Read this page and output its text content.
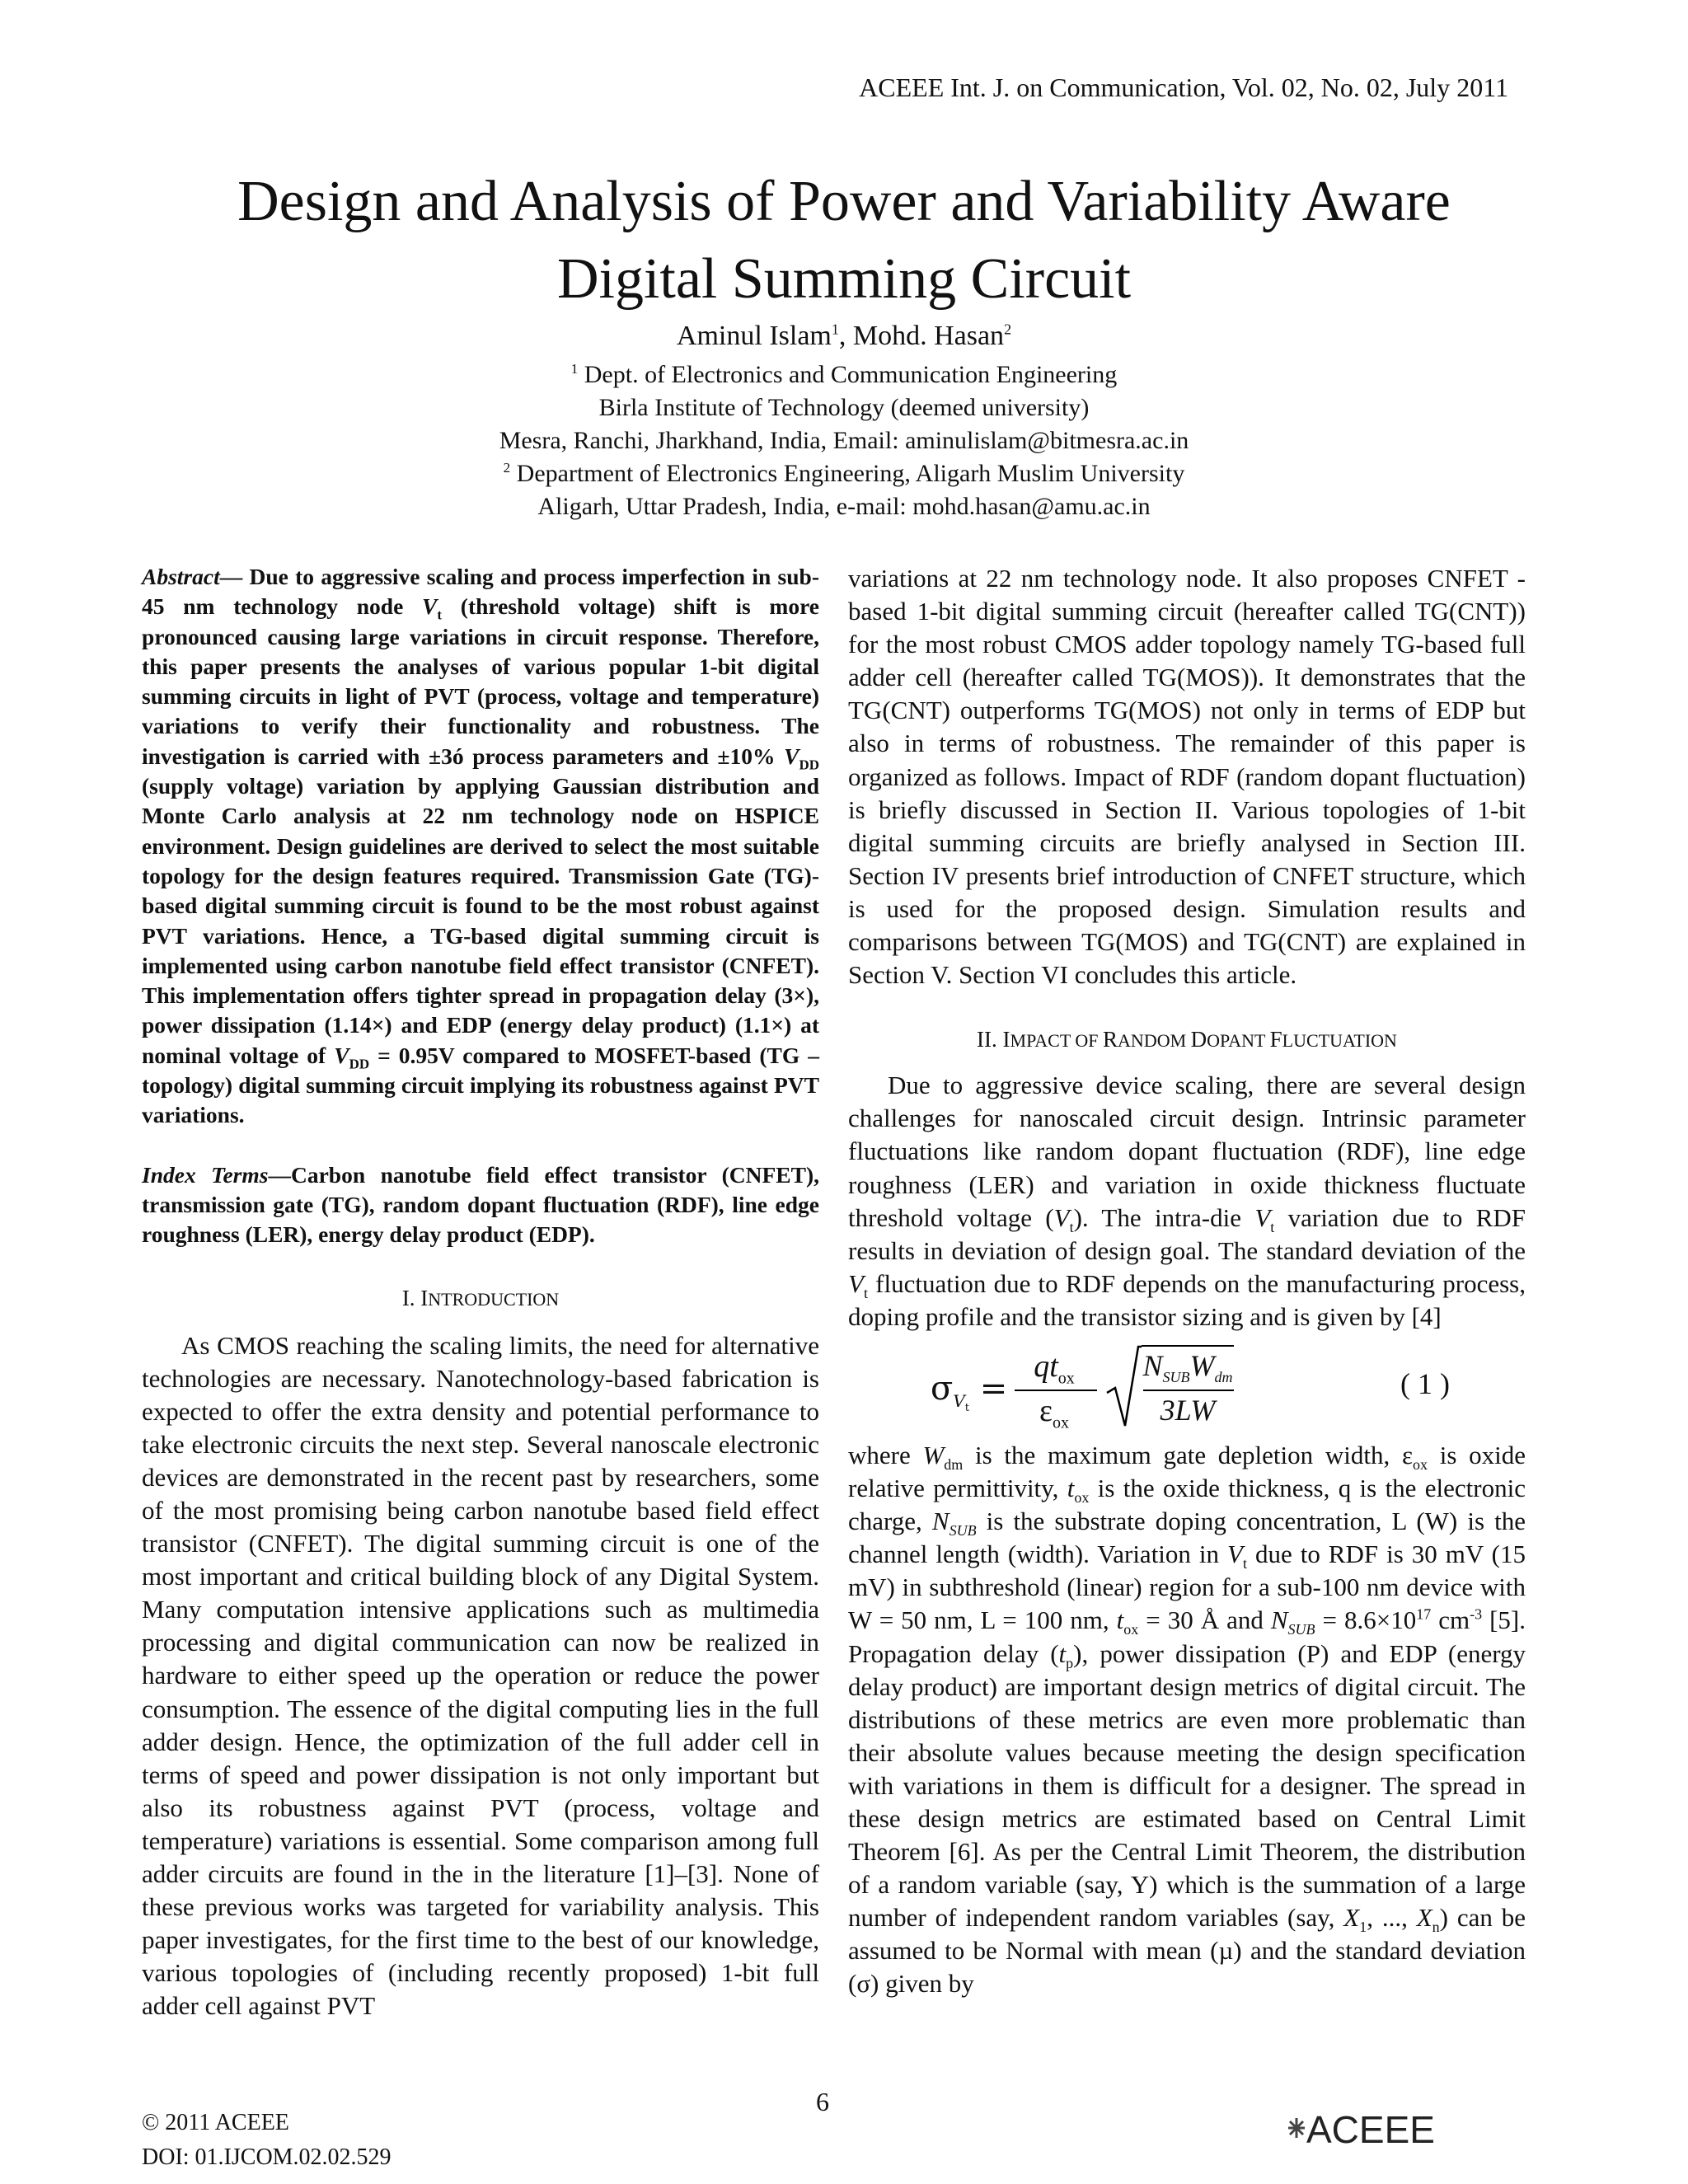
ACEEE Int. J. on Communication, Vol. 02, No. 02, July 2011
Design and Analysis of Power and Variability Aware
Digital Summing Circuit
Aminul Islam$^1$, Mohd. Hasan$^2$
$^1$ Dept. of Electronics and Communication Engineering
Birla Institute of Technology (deemed university)
Mesra, Ranchi, Jharkhand, India, Email: aminulislam@bitmesra.ac.in
$^2$ Department of Electronics Engineering, Aligarh Muslim University
Aligarh, Uttar Pradesh, India, e-mail: mohd.hasan@amu.ac.in
Abstract— Due to aggressive scaling and process imperfection in sub-45 nm technology node $V_t$ (threshold voltage) shift is more pronounced causing large variations in circuit response. Therefore, this paper presents the analyses of various popular 1-bit digital summing circuits in light of PVT (process, voltage and temperature) variations to verify their functionality and robustness. The investigation is carried with ±3ó process parameters and ±10% $V_{DD}$ (supply voltage) variation by applying Gaussian distribution and Monte Carlo analysis at 22 nm technology node on HSPICE environment. Design guidelines are derived to select the most suitable topology for the design features required. Transmission Gate (TG)-based digital summing circuit is found to be the most robust against PVT variations. Hence, a TG-based digital summing circuit is implemented using carbon nanotube field effect transistor (CNFET). This implementation offers tighter spread in propagation delay (3×), power dissipation (1.14×) and EDP (energy delay product) (1.1×) at nominal voltage of $V_{DD} = 0.95V$ compared to MOSFET-based (TG – topology) digital summing circuit implying its robustness against PVT variations.
Index Terms—Carbon nanotube field effect transistor (CNFET), transmission gate (TG), random dopant fluctuation (RDF), line edge roughness (LER), energy delay product (EDP).
I. INTRODUCTION
As CMOS reaching the scaling limits, the need for alternative technologies are necessary. Nanotechnology-based fabrication is expected to offer the extra density and potential performance to take electronic circuits the next step. Several nanoscale electronic devices are demonstrated in the recent past by researchers, some of the most promising being carbon nanotube based field effect transistor (CNFET). The digital summing circuit is one of the most important and critical building block of any Digital System. Many computation intensive applications such as multimedia processing and digital communication can now be realized in hardware to either speed up the operation or reduce the power consumption. The essence of the digital computing lies in the full adder design. Hence, the optimization of the full adder cell in terms of speed and power dissipation is not only important but also its robustness against PVT (process, voltage and temperature) variations is essential. Some comparison among full adder circuits are found in the in the literature [1]–[3]. None of these previous works was targeted for variability analysis. This paper investigates, for the first time to the best of our knowledge, various topologies of (including recently proposed) 1-bit full adder cell against PVT
variations at 22 nm technology node. It also proposes CNFET - based 1-bit digital summing circuit (hereafter called TG(CNT)) for the most robust CMOS adder topology namely TG-based full adder cell (hereafter called TG(MOS)). It demonstrates that the TG(CNT) outperforms TG(MOS) not only in terms of EDP but also in terms of robustness. The remainder of this paper is organized as follows. Impact of RDF (random dopant fluctuation) is briefly discussed in Section II. Various topologies of 1-bit digital summing circuits are briefly analysed in Section III. Section IV presents brief introduction of CNFET structure, which is used for the proposed design. Simulation results and comparisons between TG(MOS) and TG(CNT) are explained in Section V. Section VI concludes this article.
II. IMPACT OF RANDOM DOPANT FLUCTUATION
Due to aggressive device scaling, there are several design challenges for nanoscaled circuit design. Intrinsic parameter fluctuations like random dopant fluctuation (RDF), line edge roughness (LER) and variation in oxide thickness fluctuate threshold voltage $(V_t)$. The intra-die $V_t$ variation due to RDF results in deviation of design goal. The standard deviation of the $V_t$ fluctuation due to RDF depends on the manufacturing process, doping profile and the transistor sizing and is given by [4]
$\sigma_{V_t}$ =
$qt_{ox}$
$\varepsilon_{ox}$
$N_{SUB}W_{dm}$
3LW
( 1 )
where $W_{dm}$ is the maximum gate depletion width, $\varepsilon_{ox}$ is oxide relative permittivity, $t_{ox}$ is the oxide thickness, q is the electronic charge, $N_{SUB}$ is the substrate doping concentration, L (W) is the channel length (width). Variation in $V_t$ due to RDF is 30 mV (15 mV) in subthreshold (linear) region for a sub-100 nm device with W = 50 nm, L = 100 nm, $t_{ox} = 30$ Å and $N_{SUB} = 8.6\times 10^{17}$ $cm^{-3}$ [5]. Propagation delay $(t_p)$, power dissipation (P) and EDP (energy delay product) are important design metrics of digital circuit. The distributions of these metrics are even more problematic than their absolute values because meeting the design specification with variations in them is difficult for a designer. The spread in these design metrics are estimated based on Central Limit Theorem [6]. As per the Central Limit Theorem, the distribution of a random variable (say, Y) which is the summation of a large number of independent random variables (say, $X_1$, ..., $X_n$) can be assumed to be Normal with mean (µ) and the standard deviation (σ) given by
6
© 2011 ACEEE
DOI: 01.IJCOM.02.02.529
ACEEE
